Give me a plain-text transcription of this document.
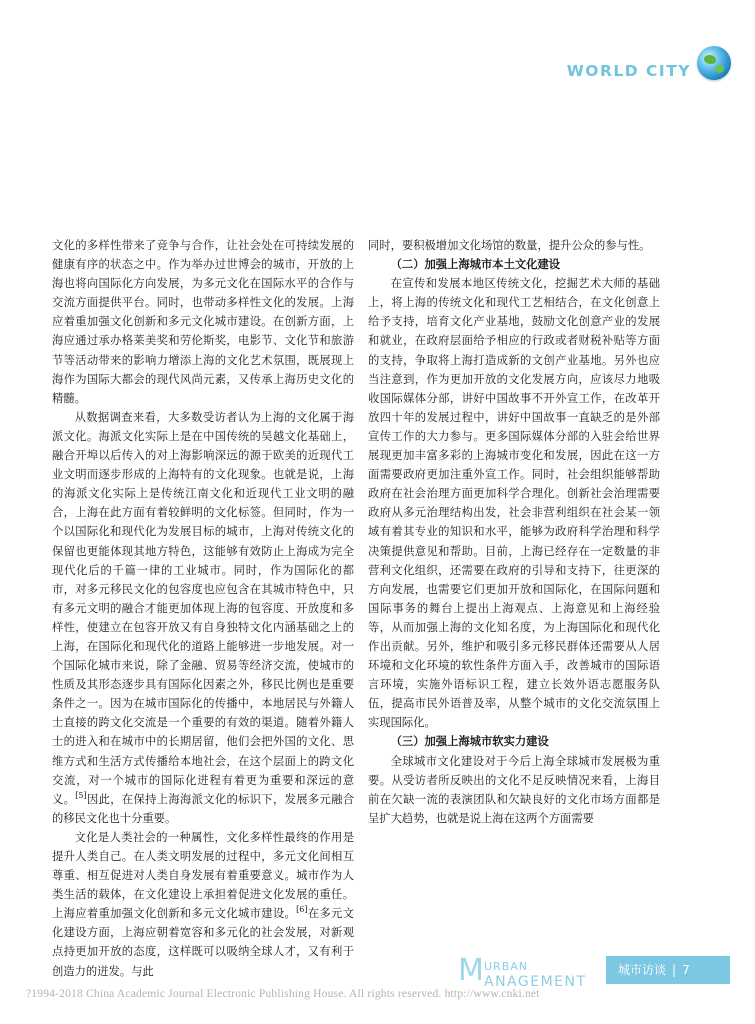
WORLD CITY

文化的多样性带来了竞争与合作，让社会处在可持续发展的健康有序的状态之中。作为举办过世博会的城市，开放的上海也将向国际化方向发展，为多元文化在国际水平的合作与交流方面提供平台。同时，也带动多样性文化的发展。上海应着重加强文化创新和多元文化城市建设。在创新方面，上海应通过承办格莱美奖和劳伦斯奖，电影节、文化节和旅游节等活动带来的影响力增添上海的文化艺术氛围，既展现上海作为国际大都会的现代风尚元素，又传承上海历史文化的精髓。

从数据调查来看，大多数受访者认为上海的文化属于海派文化。海派文化实际上是在中国传统的吴越文化基础上，融合开埠以后传入的对上海影响深远的源于欧美的近现代工业文明而逐步形成的上海特有的文化现象。也就是说，上海的海派文化实际上是传统江南文化和近现代工业文明的融合，上海在此方面有着较鲜明的文化标签。但同时，作为一个以国际化和现代化为发展目标的城市，上海对传统文化的保留也更能体现其地方特色，这能够有效防止上海成为完全现代化后的千篇一律的工业城市。同时，作为国际化的都市，对多元移民文化的包容度也应包含在其城市特色中，只有多元文明的融合才能更加体现上海的包容度、开放度和多样性，使建立在包容开放又有自身独特文化内涵基础之上的上海，在国际化和现代化的道路上能够进一步地发展。对一个国际化城市来说，除了金融、贸易等经济交流，使城市的性质及其形态逐步具有国际化因素之外，移民比例也是重要条件之一。因为在城市国际化的传播中，本地居民与外籍人士直接的跨文化交流是一个重要的有效的渠道。随着外籍人士的进入和在城市中的长期居留，他们会把外国的文化、思维方式和生活方式传播给本地社会，在这个层面上的跨文化交流，对一个城市的国际化进程有着更为重要和深远的意义。[5]因此，在保持上海海派文化的标识下，发展多元融合的移民文化也十分重要。

文化是人类社会的一种属性，文化多样性最终的作用是提升人类自己。在人类文明发展的过程中，多元文化间相互尊重、相互促进对人类自身发展有着重要意义。城市作为人类生活的载体，在文化建设上承担着促进文化发展的重任。上海应着重加强文化创新和多元文化城市建设。[6]在多元文化建设方面，上海应朝着宽容和多元化的社会发展，对新观点持更加开放的态度，这样既可以吸纳全球人才，又有利于创造力的迸发。与此

同时，要积极增加文化场馆的数量，提升公众的参与性。

（二）加强上海城市本土文化建设

在宣传和发展本地区传统文化，挖掘艺术大师的基础上，将上海的传统文化和现代工艺相结合，在文化创意上给予支持，培育文化产业基地，鼓励文化创意产业的发展和就业，在政府层面给予相应的行政或者财税补贴等方面的支持，争取将上海打造成新的文创产业基地。另外也应当注意到，作为更加开放的文化发展方向，应该尽力地吸收国际媒体分部，讲好中国故事不开外宣工作，在改革开放四十年的发展过程中，讲好中国故事一直缺乏的是外部宣传工作的大力参与。更多国际媒体分部的入驻会给世界展现更加丰富多彩的上海城市变化和发展，因此在这一方面需要政府更加注重外宣工作。同时，社会组织能够帮助政府在社会治理方面更加科学合理化。创新社会治理需要政府从多元治理结构出发，社会非营利组织在社会某一领域有着其专业的知识和水平，能够为政府科学治理和科学决策提供意见和帮助。目前，上海已经存在一定数量的非营利文化组织，还需要在政府的引导和支持下，往更深的方向发展，也需要它们更加开放和国际化，在国际问题和国际事务的舞台上提出上海观点、上海意见和上海经验等，从而加强上海的文化知名度，为上海国际化和现代化作出贡献。另外，维护和吸引多元移民群体还需要从人居环境和文化环境的软性条件方面入手，改善城市的国际语言环境，实施外语标识工程，建立长效外语志愿服务队伍，提高市民外语普及率，从整个城市的文化交流氛围上实现国际化。

（三）加强上海城市软实力建设

全球城市文化建设对于今后上海全球城市发展极为重要。从受访者所反映出的文化不足反映情况来看，上海目前在欠缺一流的表演团队和欠缺良好的文化市场方面都是呈扩大趋势，也就是说上海在这两个方面需要

M URBAN
ANAGEMENT
城市访谈 | 7
?1994-2018 China Academic Journal Electronic Publishing House. All rights reserved. http://www.cnki.net
